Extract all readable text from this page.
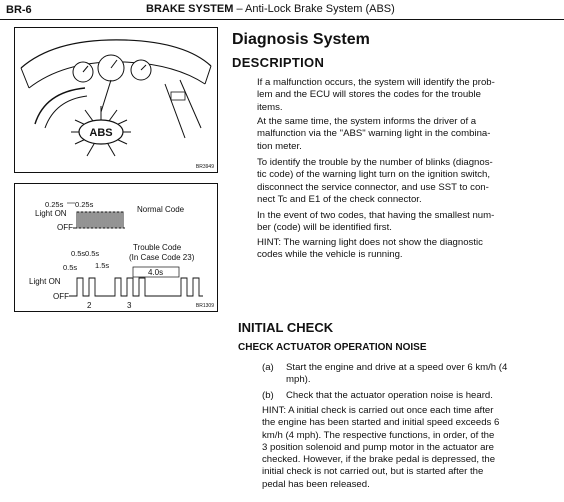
BR-6	BRAKE SYSTEM – Anti-Lock Brake System (ABS)
ABS
BR3949
0.25s 0.25s
Light ON
OFF
Normal Code
0.5s 0.5s
0.5s 1.5s
Trouble Code
(In Case Code 23)
4.0s
Light ON
OFF
2	3	BR1309
Diagnosis System
DESCRIPTION
If a malfunction occurs, the system will identify the prob-
lem and the ECU will stores the codes for the trouble
items.
At the same time, the system informs the driver of a
malfunction via the "ABS" warning light in the combina-
tion meter.
To identify the trouble by the number of blinks (diagnos-
tic code) of the warning light turn on the ignition switch,
disconnect the service connector, and use SST to con-
nect Tc and E1 of the check connector.
In the event of two codes, that having the smallest num-
ber (code) will be identified first.
HINT: The warning light does not show the diagnostic
codes while the vehicle is running.
INITIAL CHECK
CHECK ACTUATOR OPERATION NOISE
(a) Start the engine and drive at a speed over 6 km/h (4
mph).
(b) Check that the actuator operation noise is heard.
HINT: A initial check is carried out once each time after
the engine has been started and initial speed exceeds 6
km/h (4 mph). The respective functions, in order, of the
3 position solenoid and pump motor in the actuator are
checked. However, if the brake pedal is depressed, the
initial check is not carried out, but is started after the
pedal has been released.
